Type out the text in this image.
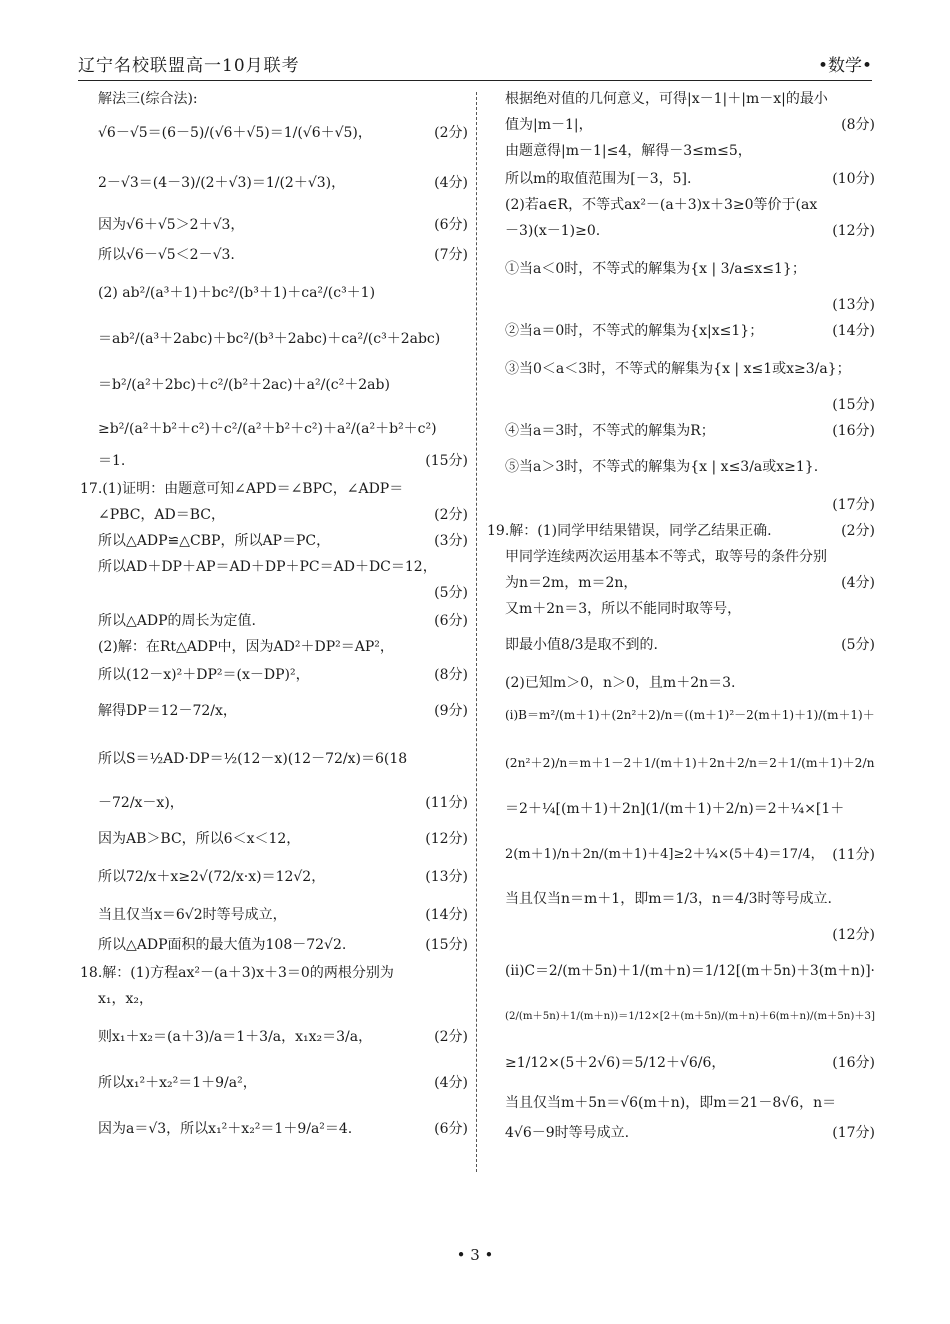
辽宁名校联盟高一10月联考	•数学•
解法三(综合法):
√6－√5＝(6－5)/(√6＋√5)＝1/(√6＋√5)，	(2分)
2－√3＝(4－3)/(2＋√3)＝1/(2＋√3)，	(4分)
因为√6＋√5＞2＋√3，	(6分)
所以√6－√5＜2－√3.	(7分)
(2) ab²/(a³＋1)＋bc²/(b³＋1)＋ca²/(c³＋1)
＝ab²/(a³＋2abc)＋bc²/(b³＋2abc)＋ca²/(c³＋2abc)
＝b²/(a²＋2bc)＋c²/(b²＋2ac)＋a²/(c²＋2ab)
≥b²/(a²＋b²＋c²)＋c²/(a²＋b²＋c²)＋a²/(a²＋b²＋c²)
＝1.	(15分)
17.(1)证明：由题意可知∠APD＝∠BPC，∠ADP＝
∠PBC，AD＝BC，	(2分)
所以△ADP≌△CBP，所以AP＝PC，	(3分)
所以AD＋DP＋AP＝AD＋DP＋PC＝AD＋DC＝12，
(5分)
所以△ADP的周长为定值.	(6分)
(2)解：在Rt△ADP中，因为AD²＋DP²＝AP²，
所以(12－x)²＋DP²＝(x－DP)²，	(8分)
解得DP＝12－72/x，	(9分)
所以S＝½AD·DP＝½(12－x)(12－72/x)＝6(18
－72/x－x)，	(11分)
因为AB＞BC，所以6＜x＜12，	(12分)
所以72/x＋x≥2√(72/x·x)＝12√2，	(13分)
当且仅当x＝6√2时等号成立，	(14分)
所以△ADP面积的最大值为108－72√2.	(15分)
18.解：(1)方程ax²－(a＋3)x＋3＝0的两根分别为
x₁，x₂，
则x₁＋x₂＝(a＋3)/a＝1＋3/a，x₁x₂＝3/a，	(2分)
所以x₁²＋x₂²＝1＋9/a²，	(4分)
因为a＝√3，所以x₁²＋x₂²＝1＋9/a²＝4.	(6分)
根据绝对值的几何意义，可得|x－1|＋|m－x|的最小
值为|m－1|，	(8分)
由题意得|m－1|≤4，解得－3≤m≤5，
所以m的取值范围为[－3，5].	(10分)
(2)若a∈R，不等式ax²－(a＋3)x＋3≥0等价于(ax
－3)(x－1)≥0.	(12分)
①当a＜0时，不等式的解集为{x | 3/a≤x≤1}；
(13分)
②当a＝0时，不等式的解集为{x|x≤1}；	(14分)
③当0＜a＜3时，不等式的解集为{x | x≤1或x≥3/a}；
(15分)
④当a＝3时，不等式的解集为R；	(16分)
⑤当a＞3时，不等式的解集为{x | x≤3/a或x≥1}.
(17分)
19.解：(1)同学甲结果错误，同学乙结果正确.	(2分)
甲同学连续两次运用基本不等式，取等号的条件分别
为n＝2m，m＝2n，	(4分)
又m＋2n＝3，所以不能同时取等号，
即最小值8/3是取不到的.	(5分)
(2)已知m＞0，n＞0，且m＋2n＝3.
(i)B＝m²/(m＋1)＋(2n²＋2)/n＝((m＋1)²－2(m＋1)＋1)/(m＋1)＋
(2n²＋2)/n＝m＋1－2＋1/(m＋1)＋2n＋2/n＝2＋1/(m＋1)＋2/n
＝2＋¼[(m＋1)＋2n](1/(m＋1)＋2/n)＝2＋¼×[1＋
2(m＋1)/n＋2n/(m＋1)＋4]≥2＋¼×(5＋4)＝17/4， (11分)
当且仅当n＝m＋1，即m＝1/3，n＝4/3时等号成立.
(12分)
(ii)C＝2/(m＋5n)＋1/(m＋n)＝1/12[(m＋5n)＋3(m＋n)]·
(2/(m＋5n)＋1/(m＋n))＝1/12×[2＋(m＋5n)/(m＋n)＋6(m＋n)/(m＋5n)＋3]
≥1/12×(5＋2√6)＝5/12＋√6/6，	(16分)
当且仅当m＋5n＝√6(m＋n)，即m＝21－8√6，n＝
4√6－9时等号成立.	(17分)
• 3 •
